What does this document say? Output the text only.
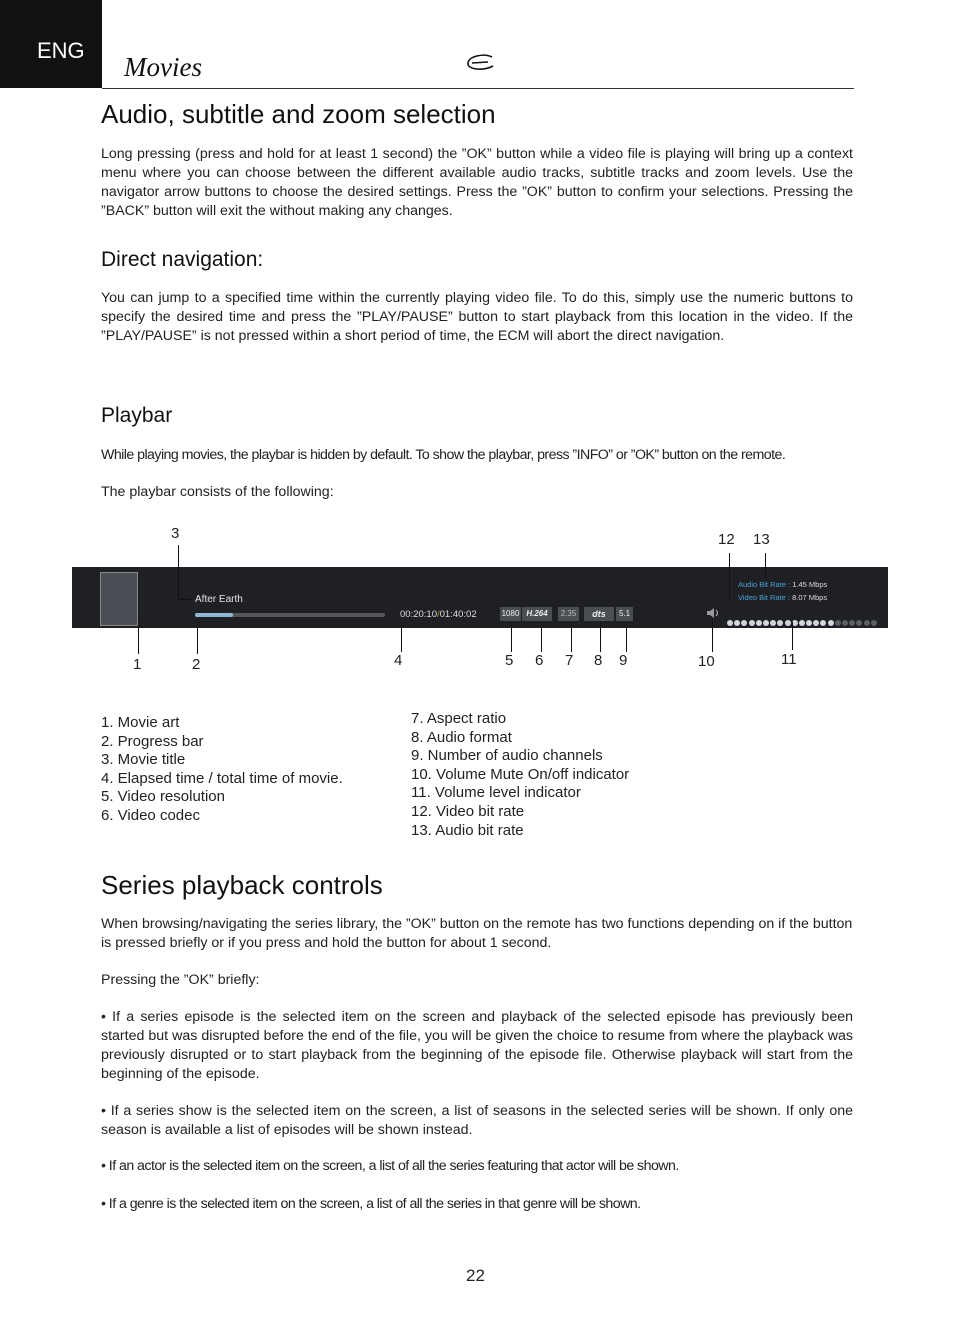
ENG
Movies
Audio, subtitle and zoom selection

Long pressing (press and hold for at least 1 second) the ”OK” button while a video file is playing will bring up a context menu where you can choose between the different available audio tracks, subtitle tracks and zoom levels. Use the navigator arrow buttons to choose the desired settings. Press the ”OK” button to confirm your selections. Pressing the ”BACK” button will exit the without making any changes.

Direct navigation:

You can jump to a specified time within the currently playing video file. To do this, simply use the numeric buttons to specify the desired time and press the ”PLAY/PAUSE” button to start playback from this location in the video. If the ”PLAY/PAUSE” is not pressed within a short period of time, the ECM will abort the direct navigation.

Playbar

While playing movies, the playbar is hidden by default. To show the playbar, press ”INFO” or ”OK” button on the remote.

The playbar consists of the following:

After Earth
00:20:10/01:40:02	1080 H.264	2.35	dts	5.1
Audio Bit Rate : 1.45 Mbps
Video Bit Rate : 8.07 Mbps
1	2
3
4	5 6 7 8 9	10	11
12 13
1. Movie art
2. Progress bar
3. Movie title
4. Elapsed time / total time of movie.
5. Video resolution
6. Video codec
7. Aspect ratio
8. Audio format
9. Number of audio channels
10. Volume Mute On/off indicator
11. Volume level indicator
12. Video bit rate
13. Audio bit rate
Series playback controls

When browsing/navigating the series library, the ”OK” button on the remote has two functions depending on if the button is pressed briefly or if you press and hold the button for about 1 second.

Pressing the ”OK” briefly:

• If a series episode is the selected item on the screen and playback of the selected episode has previously been started but was disrupted before the end of the file, you will be given the choice to resume from where the playback was previously disrupted or to start playback from the beginning of the episode file. Otherwise playback will start from the beginning of the episode.

• If a series show is the selected item on the screen, a list of seasons in the selected series will be shown. If only one season is available a list of episodes will be shown instead.

• If an actor is the selected item on the screen, a list of all the series featuring that actor will be shown.

• If a genre is the selected item on the screen, a list of all the series in that genre will be shown.

22
